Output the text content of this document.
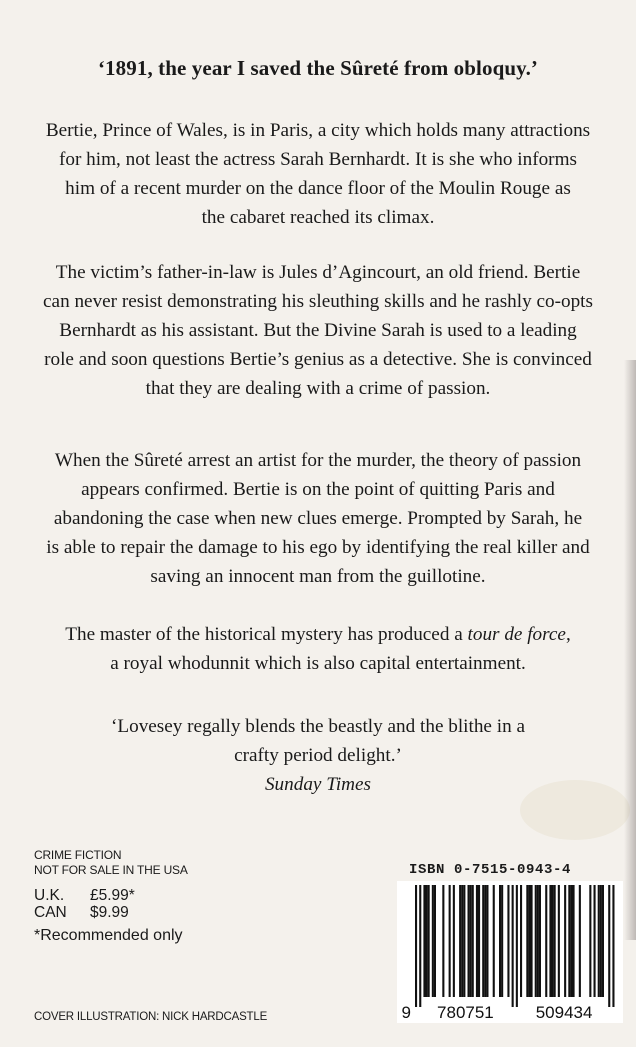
‘1891, the year I saved the Sûreté from obloquy.’
Bertie, Prince of Wales, is in Paris, a city which holds many attractions
for him, not least the actress Sarah Bernhardt. It is she who informs
him of a recent murder on the dance floor of the Moulin Rouge as
the cabaret reached its climax.
The victim’s father-in-law is Jules d’Agincourt, an old friend. Bertie
can never resist demonstrating his sleuthing skills and he rashly co-opts
Bernhardt as his assistant. But the Divine Sarah is used to a leading
role and soon questions Bertie’s genius as a detective. She is convinced
that they are dealing with a crime of passion.
When the Sûreté arrest an artist for the murder, the theory of passion
appears confirmed. Bertie is on the point of quitting Paris and
abandoning the case when new clues emerge. Prompted by Sarah, he
is able to repair the damage to his ego by identifying the real killer and
saving an innocent man from the guillotine.
The master of the historical mystery has produced a tour de force,
a royal whodunnit which is also capital entertainment.
‘Lovesey regally blends the beastly and the blithe in a
crafty period delight.’
Sunday Times
CRIME FICTION
NOT FOR SALE IN THE USA
U.K.	£5.99*
CAN	$9.99
*Recommended only
COVER ILLUSTRATION: NICK HARDCASTLE
ISBN 0-7515-0943-4
9 780751 509434
